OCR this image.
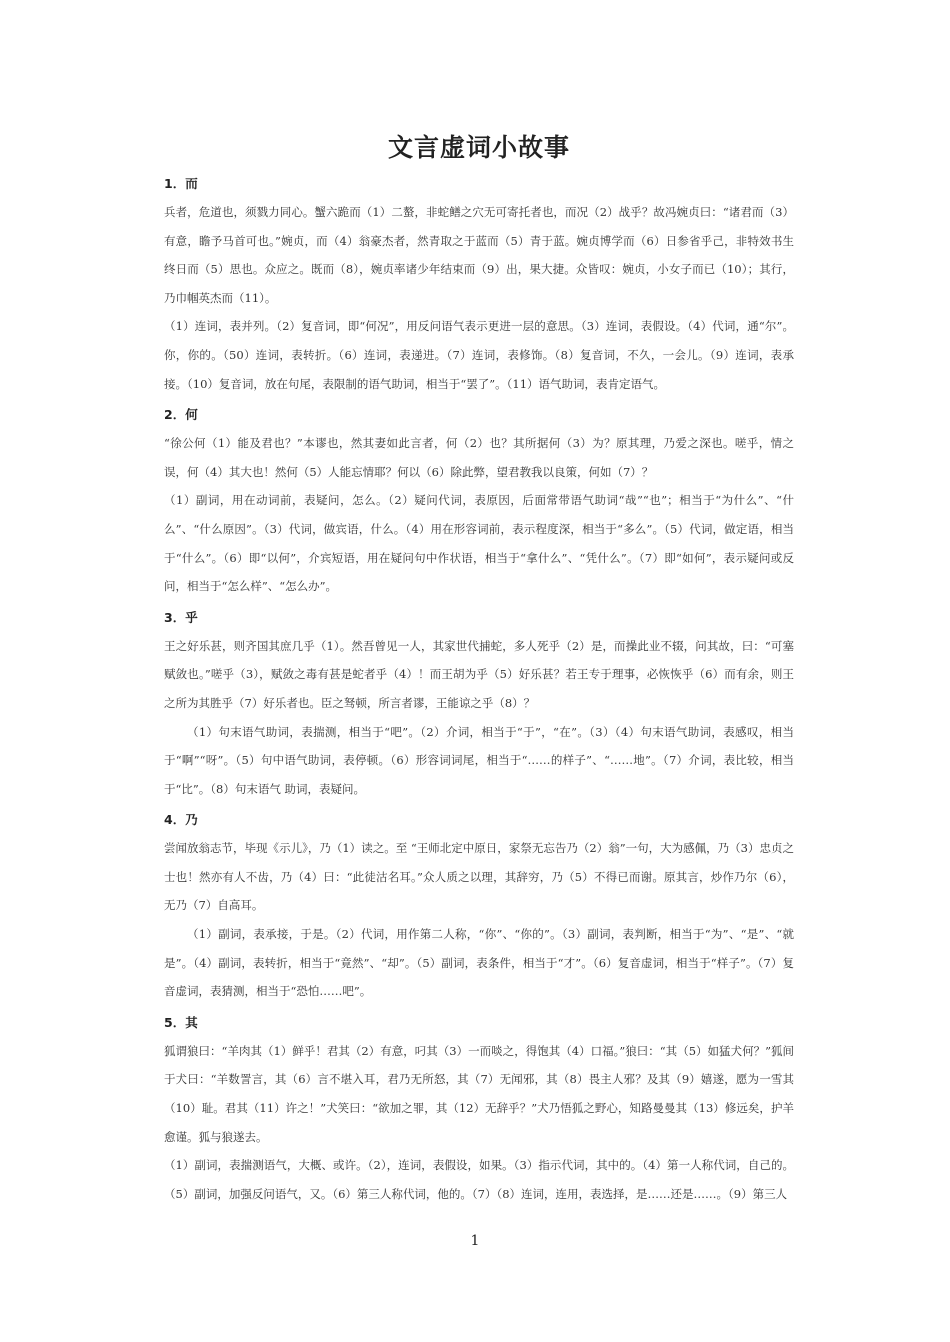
文言虚词小故事
1．而

兵者，危道也，须戮力同心。蟹六跪而（1）二螯，非蛇鳝之穴无可寄托者也，而况（2）战乎？故冯婉贞曰：“诸君而（3）有意，瞻予马首可也。”婉贞，而（4）翁豪杰者，然青取之于蓝而（5）青于蓝。婉贞博学而（6）日参省乎己，非特效书生终日而（5）思也。众应之。既而（8），婉贞率诸少年结束而（9）出，果大捷。众皆叹：婉贞，小女子而已（10）；其行，乃巾帼英杰而（11）。

（1）连词，表并列。（2）复音词，即“何况”，用反问语气表示更进一层的意思。（3）连词，表假设。（4）代词，通“尔”。你，你的。（50）连词，表转折。（6）连词，表递进。（7）连词，表修饰。（8）复音词，不久，一会儿。（9）连词，表承接。（10）复音词，放在句尾，表限制的语气助词，相当于“罢了”。（11）语气助词，表肯定语气。

2．何

“徐公何（1）能及君也？”本谬也，然其妻如此言者，何（2）也？其所据何（3）为？原其理，乃爱之深也。嗟乎，情之误，何（4）其大也！然何（5）人能忘情耶？何以（6）除此弊，望君教我以良策，何如（7）？

（1）副词，用在动词前，表疑问，怎么。（2）疑问代词，表原因，后面常带语气助词“哉”“也”；相当于“为什么”、“什么”、“什么原因”。（3）代词，做宾语，什么。（4）用在形容词前，表示程度深，相当于“多么”。（5）代词，做定语，相当于“什么”。（6）即“以何”，介宾短语，用在疑问句中作状语，相当于“拿什么”、“凭什么”。（7）即“如何”，表示疑问或反问，相当于“怎么样”、“怎么办”。

3．乎

王之好乐甚，则齐国其庶几乎（1）。然吾曾见一人，其家世代捕蛇，多人死乎（2）是，而操此业不辍，问其故，曰：“可塞赋敛也。”嗟乎（3），赋敛之毒有甚是蛇者乎（4）！而王胡为乎（5）好乐甚？若王专于理事，必恢恢乎（6）而有余，则王之所为其胜乎（7）好乐者也。臣之驽顿，所言者谬，王能谅之乎（8）？

（1）句末语气助词，表揣测，相当于“吧”。（2）介词，相当于“于”，“在”。（3）（4）句末语气助词，表感叹，相当于“啊”“呀”。（5）句中语气助词，表停顿。（6）形容词词尾，相当于“……的样子”、“……地”。（7）介词，表比较，相当于“比”。（8）句末语气 助词，表疑问。

4．乃

尝闻放翁志节，毕现《示儿》，乃（1）读之。至 “王师北定中原日，家祭无忘告乃（2）翁”一句，大为感佩，乃（3）忠贞之士也！然亦有人不齿，乃（4）曰：“此徒沽名耳。”众人质之以理，其辞穷，乃（5）不得已而谢。原其言，炒作乃尔（6），无乃（7）自高耳。

（1）副词，表承接，于是。（2）代词，用作第二人称，“你”、“你的”。（3）副词，表判断，相当于“为”、“是”、“就是”。（4）副词，表转折，相当于“竟然”、“却”。（5）副词，表条件，相当于“才”。（6）复音虚词，相当于“样子”。（7）复音虚词，表猜测，相当于“恐怕……吧”。

5．其

狐谓狼曰：“羊肉其（1）鲜乎！君其（2）有意，叼其（3）一而啖之，得饱其（4）口福。”狼曰：“其（5）如猛犬何？”狐间于犬曰：“羊数詈言，其（6）言不堪入耳，君乃无所怒，其（7）无闻邪，其（8）畏主人邪？及其（9）嬉遂，愿为一雪其（10）耻。君其（11）许之！”犬笑曰：“欲加之罪，其（12）无辞乎？”犬乃悟狐之野心，知路曼曼其（13）修远矣，护羊愈谨。狐与狼遂去。

（1）副词，表揣测语气，大概、或许。（2），连词，表假设，如果。（3）指示代词，其中的。（4）第一人称代词，自己的。（5）副词，加强反问语气，又。（6）第三人称代词，他的。（7）（8）连词，连用，表选择，是……还是……。（9）第三人

1
